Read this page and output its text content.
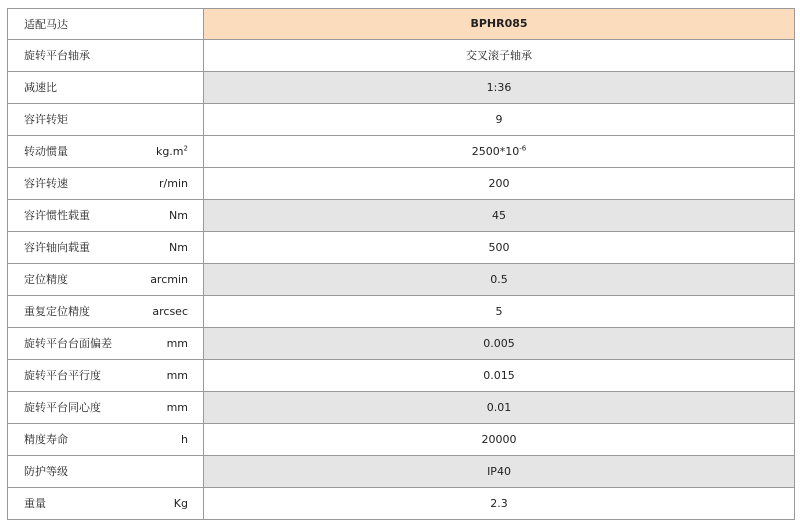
适配马达	BPHR085

旋转平台轴承	交叉滚子轴承

减速比	1:36

容许转矩	9

转动惯量 $kg.m^2$	$2500*10^{-6}$

容许转速 r/min	200

容许惯性载重 Nm	45

容许轴向载重 Nm	500

定位精度 arcmin	0.5

重复定位精度 arcsec	5

旋转平台台面偏差 mm	0.005

旋转平台平行度 mm	0.015

旋转平台同心度 mm	0.01

精度寿命 h	20000

防护等级	IP40

重量 Kg	2.3
